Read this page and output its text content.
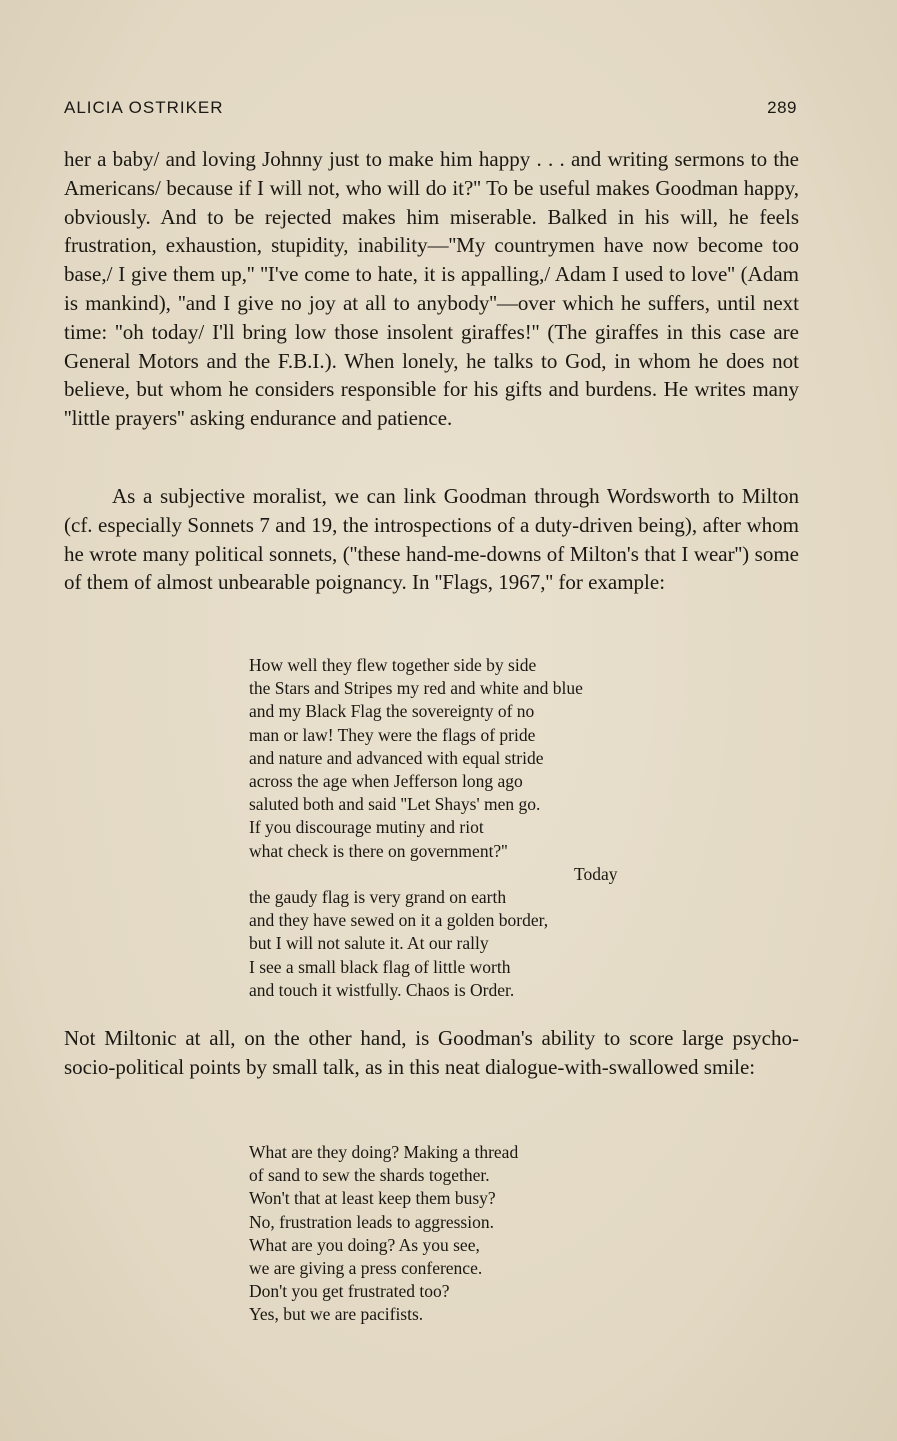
ALICIA OSTRIKER	289

her a baby/ and loving Johnny just to make him happy . . . and writing sermons to the Americans/ because if I will not, who will do it?'' To be useful makes Goodman happy, obviously. And to be rejected makes him miserable. Balked in his will, he feels frustration, exhaustion, stupidity, inability—''My countrymen have now become too base,/ I give them up,'' ''I've come to hate, it is appalling,/ Adam I used to love'' (Adam is mankind), ''and I give no joy at all to anybody''—over which he suffers, until next time: ''oh today/ I'll bring low those insolent giraffes!'' (The giraffes in this case are General Motors and the F.B.I.). When lonely, he talks to God, in whom he does not believe, but whom he considers responsible for his gifts and burdens. He writes many ''little prayers'' asking endurance and patience.

As a subjective moralist, we can link Goodman through Wordsworth to Milton (cf. especially Sonnets 7 and 19, the introspections of a duty-driven being), after whom he wrote many political sonnets, (''these hand-me-downs of Milton's that I wear'') some of them of almost unbearable poignancy. In ''Flags, 1967,'' for example:

How well they flew together side by side
the Stars and Stripes my red and white and blue
and my Black Flag the sovereignty of no
man or law! They were the flags of pride
and nature and advanced with equal stride
across the age when Jefferson long ago
saluted both and said ''Let Shays' men go.
If you discourage mutiny and riot
what check is there on government?''
Today
the gaudy flag is very grand on earth
and they have sewed on it a golden border,
but I will not salute it. At our rally
I see a small black flag of little worth
and touch it wistfully. Chaos is Order.

Not Miltonic at all, on the other hand, is Goodman's ability to score large psycho-socio-political points by small talk, as in this neat dialogue-with-swallowed smile:

What are they doing? Making a thread
of sand to sew the shards together.
Won't that at least keep them busy?
No, frustration leads to aggression.
What are you doing? As you see,
we are giving a press conference.
Don't you get frustrated too?
Yes, but we are pacifists.
